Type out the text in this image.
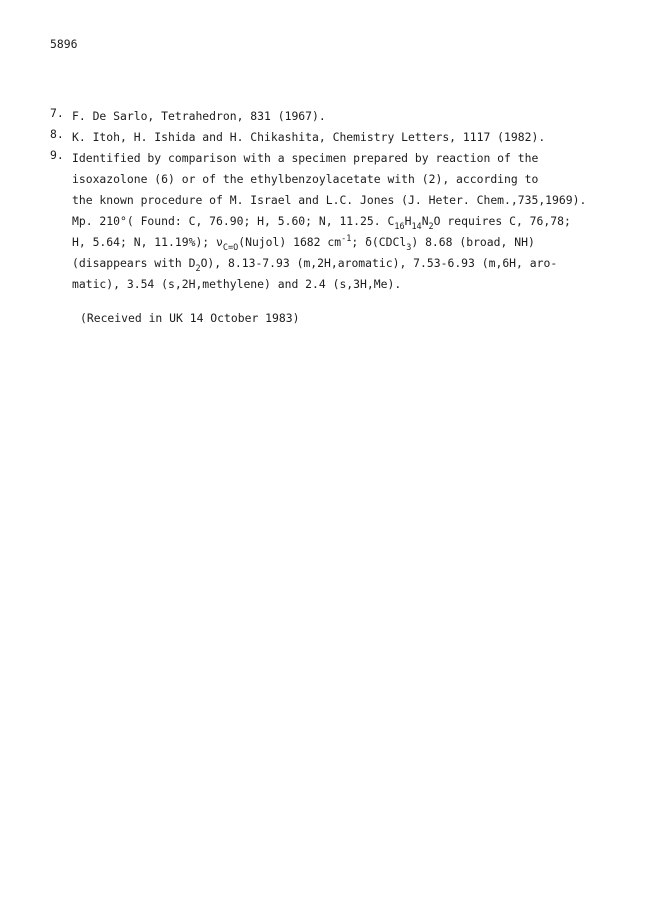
5896
7. F. De Sarlo, Tetrahedron, 831 (1967).
8. K. Itoh, H. Ishida and H. Chikashita, Chemistry Letters, 1117 (1982).
9. Identified by comparison with a specimen prepared by reaction of the
isoxazolone (6) or of the ethylbenzoylacetate with (2), according to
the known procedure of M. Israel and L.C. Jones (J. Heter. Chem.,735,1969).
Mp. 210°( Found: C, 76.90; H, 5.60; N, 11.25. $C_{16}H_{14}N_2O$ requires C, 76,78;
H, 5.64; N, 11.19%); $\nu_{C=O}(Nujol)$ 1682 $cm^{-1}$; δ(CDCl$_3$) 8.68 (broad, NH)
(disappears with $D_2O$), 8.13-7.93 (m,2H,aromatic), 7.53-6.93 (m,6H, aro-
matic), 3.54 (s,2H,methylene) and 2.4 (s,3H,Me).
(Received in UK 14 October 1983)
